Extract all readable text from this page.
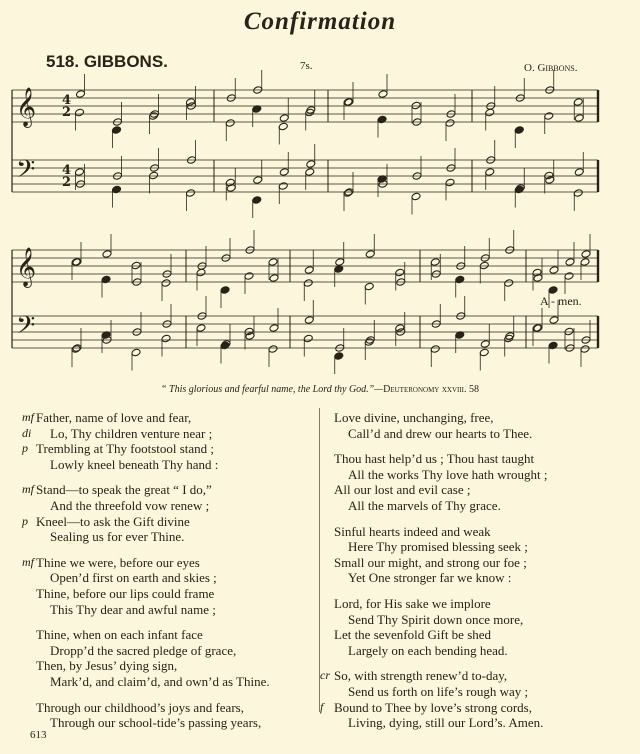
Confirmation
518. GIBBONS.	7s.	O. Gibbons.
𝄞
𝄢
𝄞
𝄢
4
4
2
2
A - men.
“ This glorious and fearful name, the Lord thy God.”—Deuteronomy xxviii. 58
mf Father, name of love and fear,
di Lo, Thy children venture near ;
p Trembling at Thy footstool stand ;
Lowly kneel beneath Thy hand :
mf Stand—to speak the great “ I do,”
And the threefold vow renew ;
p Kneel—to ask the Gift divine
Sealing us for ever Thine.
mf Thine we were, before our eyes
Open’d first on earth and skies ;
Thine, before our lips could frame
This Thy dear and awful name ;
Thine, when on each infant face
Dropp’d the sacred pledge of grace,
Then, by Jesus’ dying sign,
Mark’d, and claim’d, and own’d as Thine.
Through our childhood’s joys and fears,
Through our school-tide’s passing years,
Love divine, unchanging, free,
Call’d and drew our hearts to Thee.
Thou hast help’d us ; Thou hast taught
All the works Thy love hath wrought ;
All our lost and evil case ;
All the marvels of Thy grace.
Sinful hearts indeed and weak
Here Thy promised blessing seek ;
Small our might, and strong our foe ;
Yet One stronger far we know :
Lord, for His sake we implore
Send Thy Spirit down once more,
Let the sevenfold Gift be shed
Largely on each bending head.
cr So, with strength renew’d to-day,
Send us forth on life’s rough way ;
f Bound to Thee by love’s strong cords,
Living, dying, still our Lord’s. Amen.
613
